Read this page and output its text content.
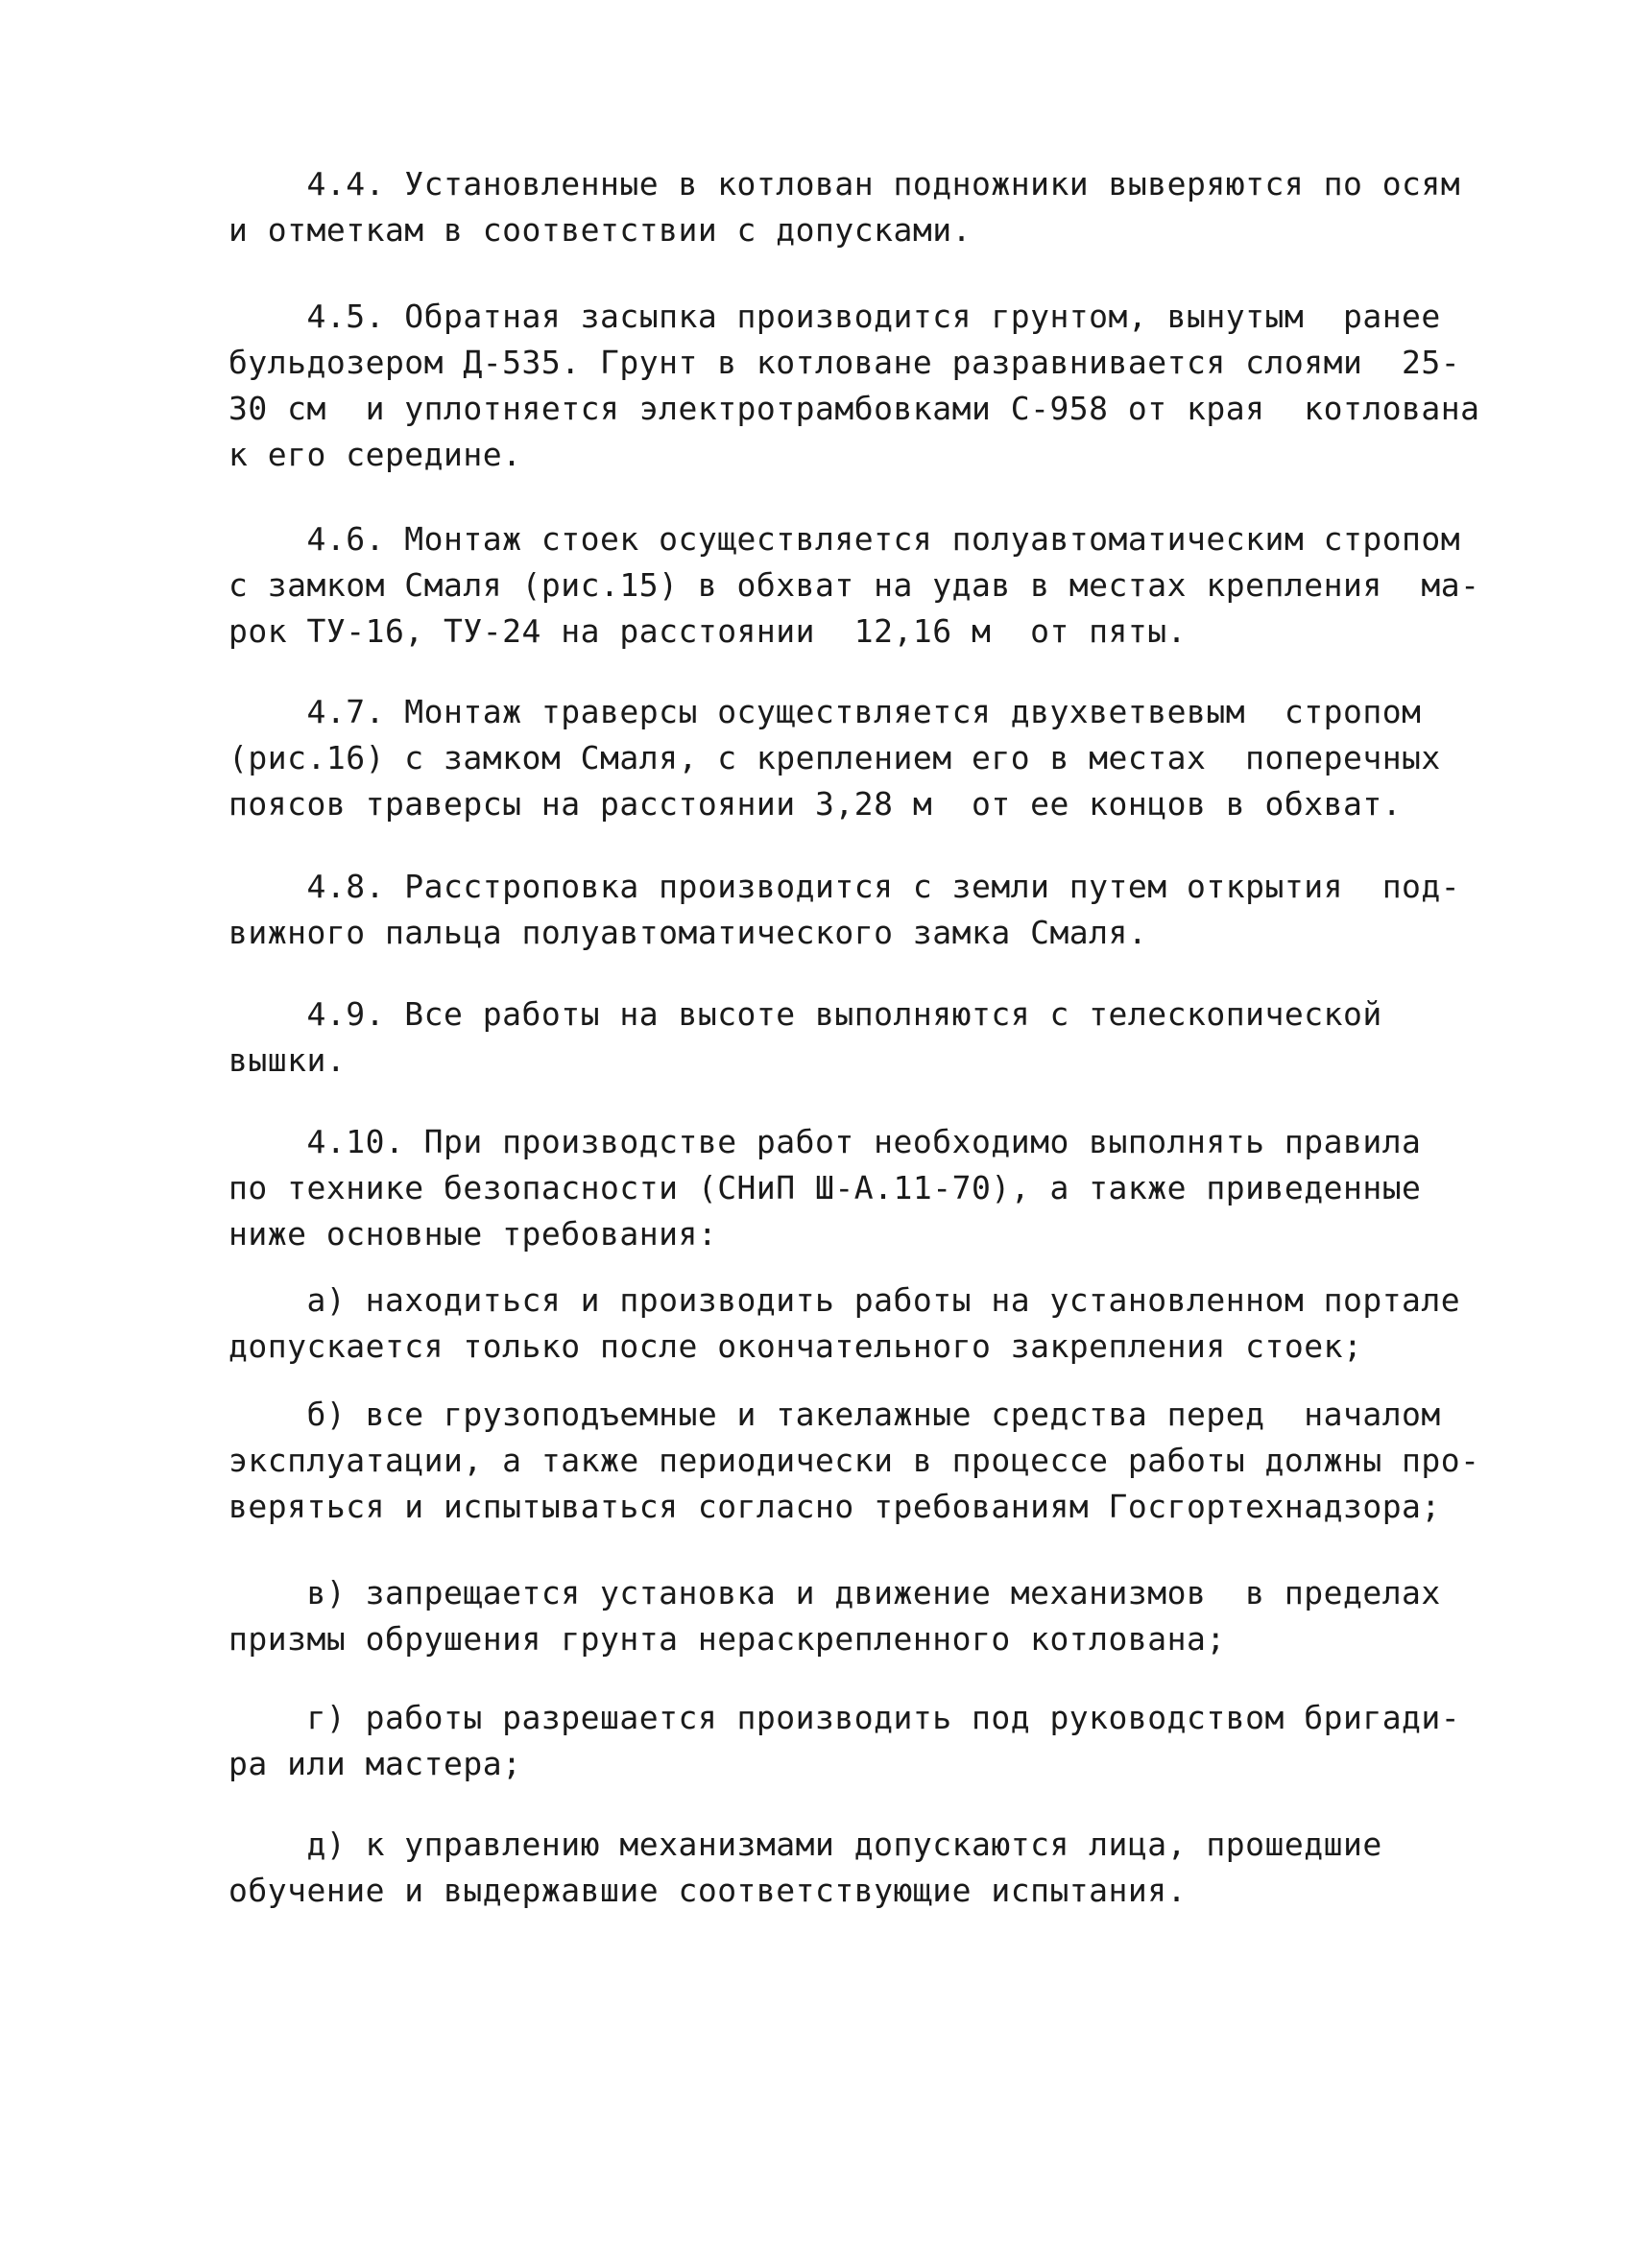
4.4. Установленные в котлован подножники выверяются по осям
и отметкам в соответствии с допусками.

4.5. Обратная засыпка производится грунтом, вынутым  ранее
бульдозером Д-535. Грунт в котловане разравнивается слоями  25-
30 см  и уплотняется электротрамбовками С-958 от края  котлована
к его середине.

4.6. Монтаж стоек осуществляется полуавтоматическим стропом
с замком Смаля (рис.15) в обхват на удав в местах крепления  ма-
рок ТУ-16, ТУ-24 на расстоянии  12,16 м  от пяты.

4.7. Монтаж траверсы осуществляется двухветвевым  стропом
(рис.16) с замком Смаля, с креплением его в местах  поперечных
поясов траверсы на расстоянии 3,28 м  от ее концов в обхват.

4.8. Расстроповка производится с земли путем открытия  под-
вижного пальца полуавтоматического замка Смаля.

4.9. Все работы на высоте выполняются с телескопической
вышки.

4.10. При производстве работ необходимо выполнять правила
по технике безопасности (СНиП Ш-А.11-70), а также приведенные
ниже основные требования:

а) находиться и производить работы на установленном портале
допускается только после окончательного закрепления стоек;

б) все грузоподъемные и такелажные средства перед  началом
эксплуатации, а также периодически в процессе работы должны про-
веряться и испытываться согласно требованиям Госгортехнадзора;

в) запрещается установка и движение механизмов  в пределах
призмы обрушения грунта нераскрепленного котлована;

г) работы разрешается производить под руководством бригади-
ра или мастера;

д) к управлению механизмами допускаются лица, прошедшие
обучение и выдержавшие соответствующие испытания.
